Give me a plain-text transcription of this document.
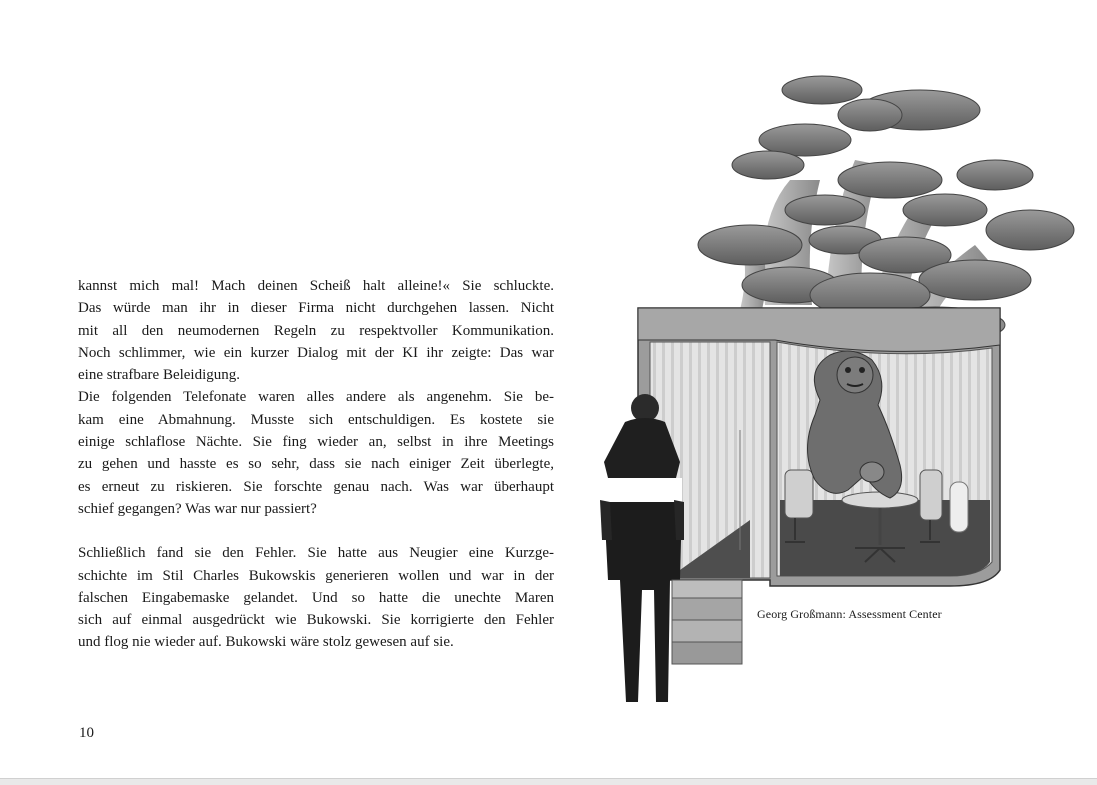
kannst mich mal! Mach deinen Scheiß halt alleine!« Sie schluckte.
Das würde man ihr in dieser Firma nicht durchgehen lassen. Nicht
mit all den neumodernen Regeln zu respektvoller Kommunikation.
Noch schlimmer, wie ein kurzer Dialog mit der KI ihr zeigte: Das war
eine strafbare Beleidigung.

Die folgenden Telefonate waren alles andere als angenehm. Sie be-
kam eine Abmahnung. Musste sich entschuldigen. Es kostete sie
einige schlaflose Nächte. Sie fing wieder an, selbst in ihre Meetings
zu gehen und hasste es so sehr, dass sie nach einiger Zeit überlegte,
es erneut zu riskieren. Sie forschte genau nach. Was war überhaupt
schief gegangen? Was war nur passiert?

Schließlich fand sie den Fehler. Sie hatte aus Neugier eine Kurzge-
schichte im Stil Charles Bukowskis generieren wollen und war in der
falschen Eingabemaske gelandet. Und so hatte die unechte Maren
sich auf einmal ausgedrückt wie Bukowski. Sie korrigierte den Fehler
und flog nie wieder auf. Bukowski wäre stolz gewesen auf sie.

Georg Großmann: Assessment Center
10
